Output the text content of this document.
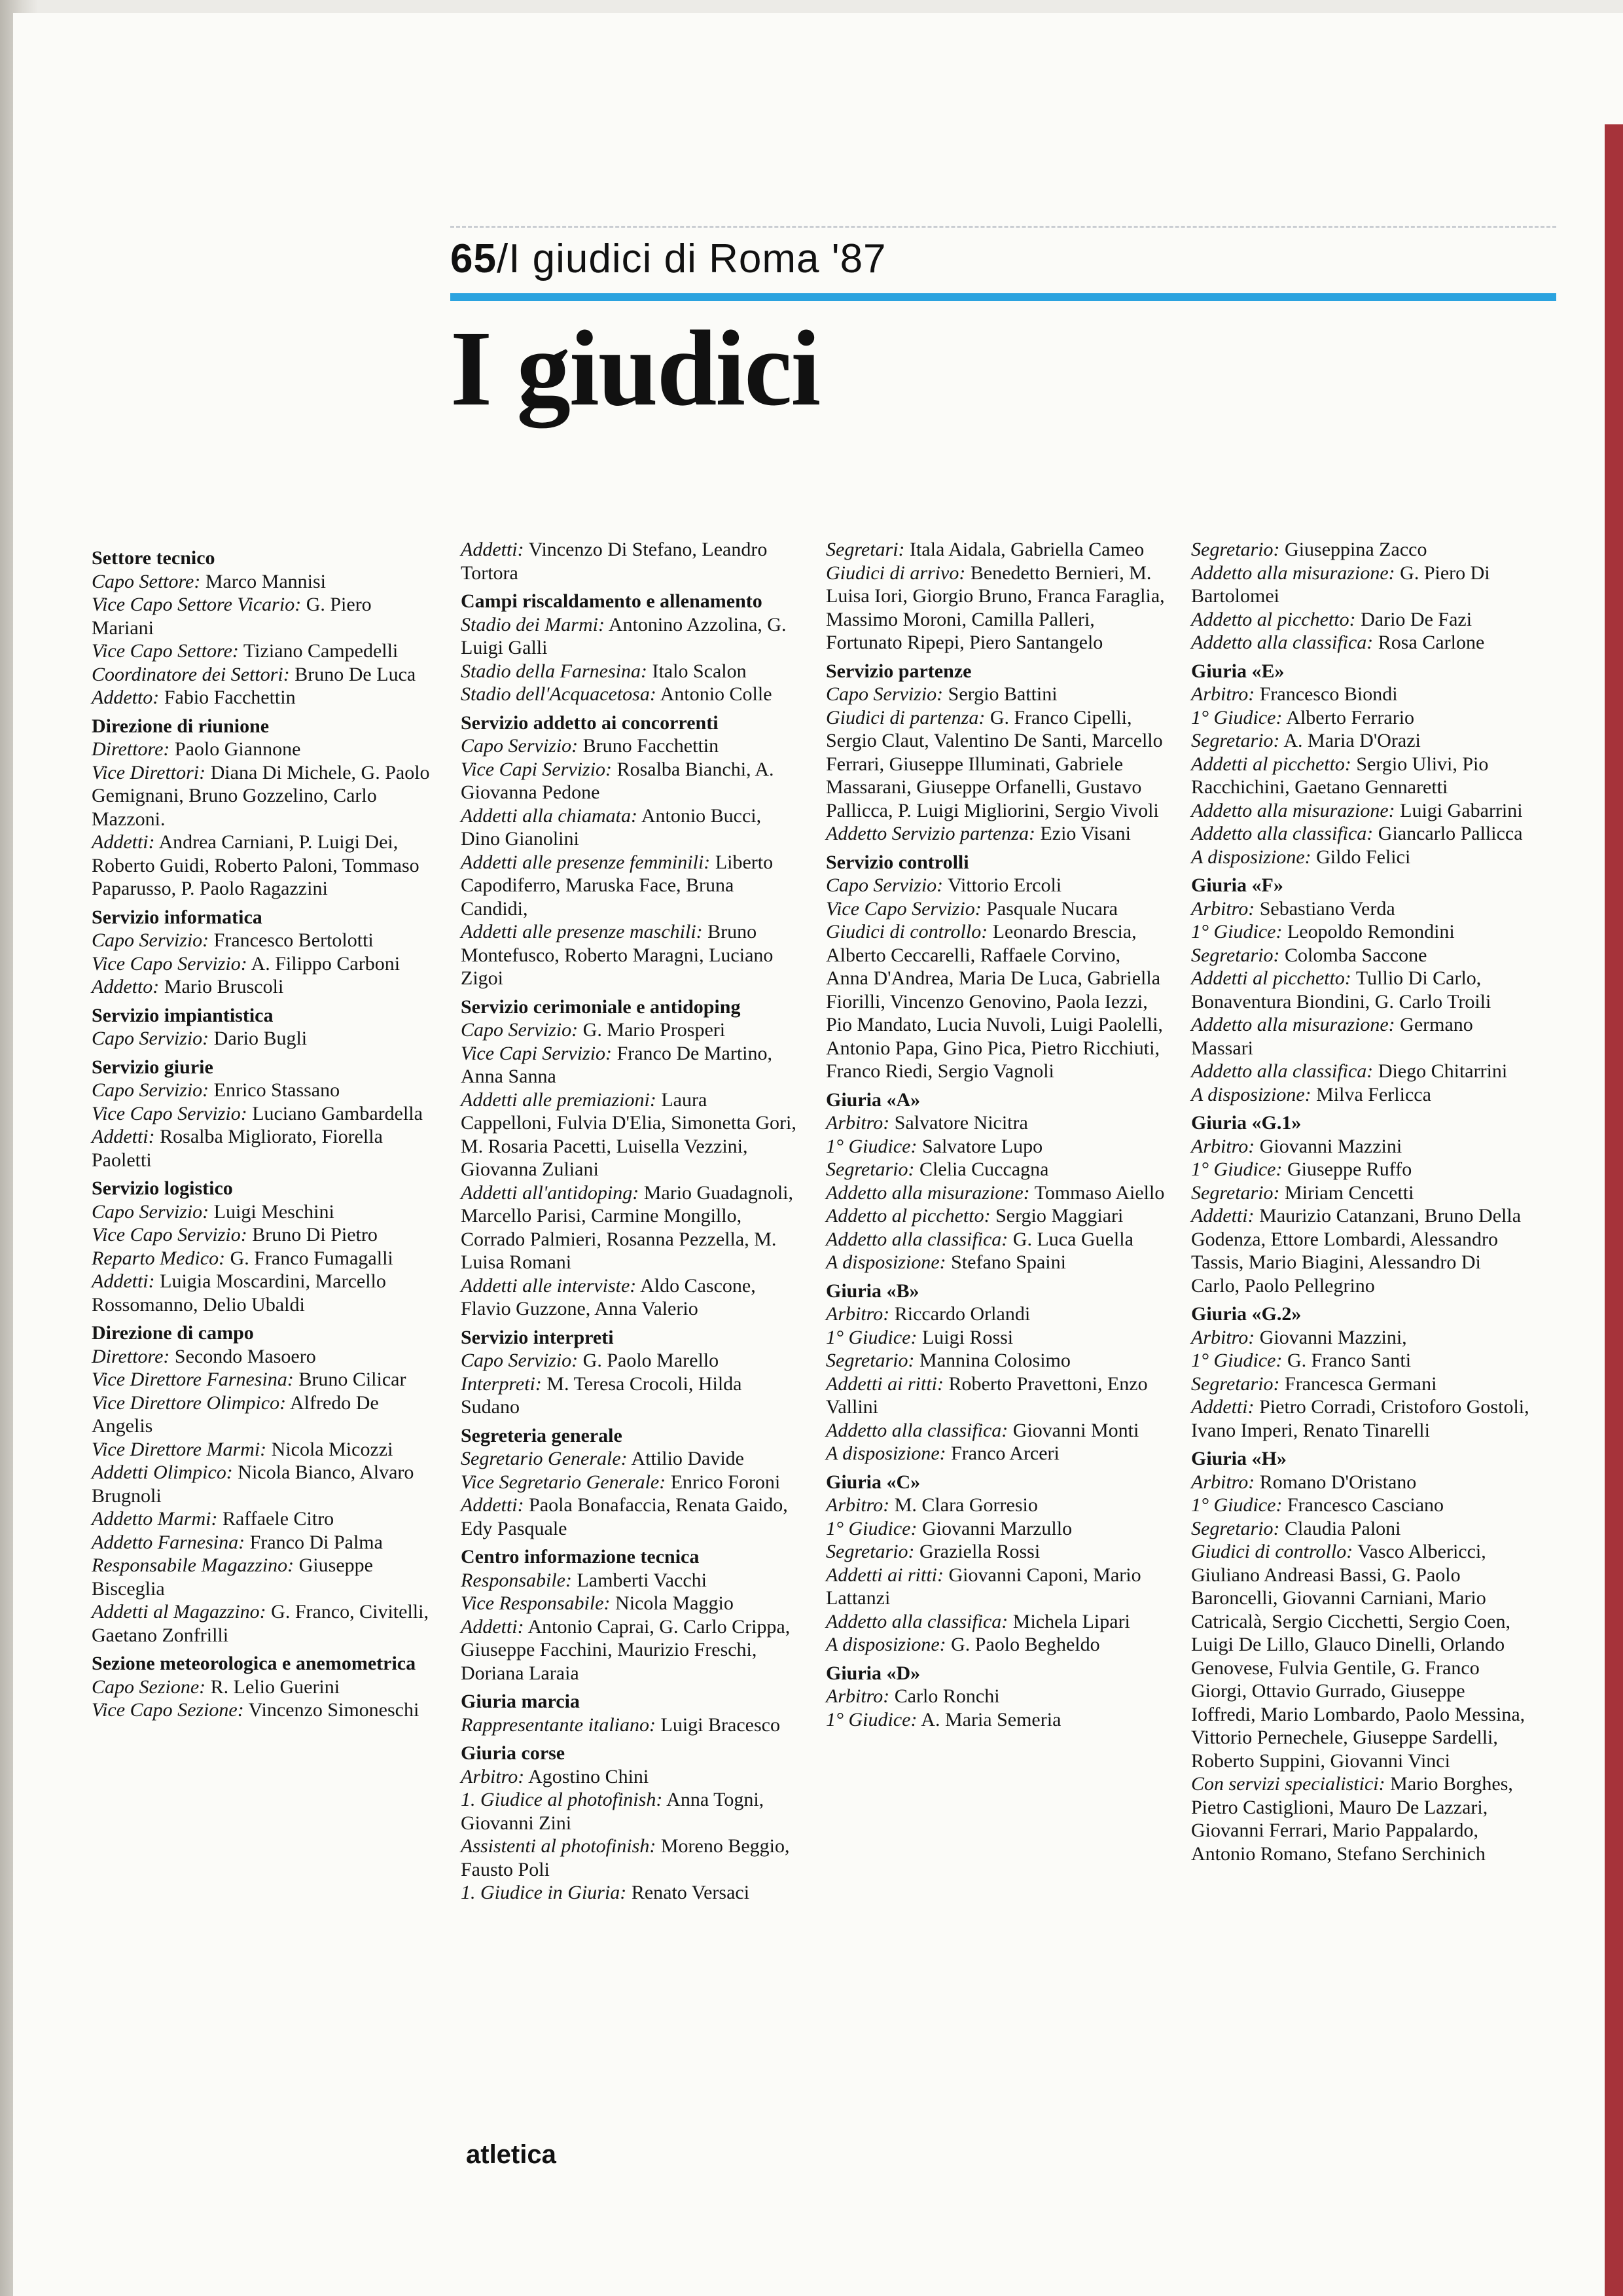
65/I giudici di Roma '87
I giudici
Settore tecnico
Capo Settore: Marco Mannisi
Vice Capo Settore Vicario: G. Piero Mariani
Vice Capo Settore: Tiziano Campedelli
Coordinatore dei Settori: Bruno De Luca
Addetto: Fabio Facchettin
Direzione di riunione
Direttore: Paolo Giannone
Vice Direttori: Diana Di Michele, G. Paolo Gemignani, Bruno Gozzelino, Carlo Mazzoni.
Addetti: Andrea Carniani, P. Luigi Dei, Roberto Guidi, Roberto Paloni, Tommaso Paparusso, P. Paolo Ragazzini
Servizio informatica
Capo Servizio: Francesco Bertolotti
Vice Capo Servizio: A. Filippo Carboni
Addetto: Mario Bruscoli
Servizio impiantistica
Capo Servizio: Dario Bugli
Servizio giurie
Capo Servizio: Enrico Stassano
Vice Capo Servizio: Luciano Gambardella
Addetti: Rosalba Migliorato, Fiorella Paoletti
Servizio logistico
Capo Servizio: Luigi Meschini
Vice Capo Servizio: Bruno Di Pietro
Reparto Medico: G. Franco Fumagalli
Addetti: Luigia Moscardini, Marcello Rossomanno, Delio Ubaldi
Direzione di campo
Direttore: Secondo Masoero
Vice Direttore Farnesina: Bruno Cilicar
Vice Direttore Olimpico: Alfredo De Angelis
Vice Direttore Marmi: Nicola Micozzi
Addetti Olimpico: Nicola Bianco, Alvaro Brugnoli
Addetto Marmi: Raffaele Citro
Addetto Farnesina: Franco Di Palma
Responsabile Magazzino: Giuseppe Bisceglia
Addetti al Magazzino: G. Franco, Civitelli, Gaetano Zonfrilli
Sezione meteorologica e anemometrica
Capo Sezione: R. Lelio Guerini
Vice Capo Sezione: Vincenzo Simoneschi
Addetti: Vincenzo Di Stefano, Leandro Tortora
Campi riscaldamento e allenamento
Stadio dei Marmi: Antonino Azzolina, G. Luigi Galli
Stadio della Farnesina: Italo Scalon
Stadio dell'Acquacetosa: Antonio Colle
Servizio addetto ai concorrenti
Capo Servizio: Bruno Facchettin
Vice Capi Servizio: Rosalba Bianchi, A. Giovanna Pedone
Addetti alla chiamata: Antonio Bucci, Dino Gianolini
Addetti alle presenze femminili: Liberto Capodiferro, Maruska Face, Bruna Candidi,
Addetti alle presenze maschili: Bruno Montefusco, Roberto Maragni, Luciano Zigoi
Servizio cerimoniale e antidoping
Capo Servizio: G. Mario Prosperi
Vice Capi Servizio: Franco De Martino, Anna Sanna
Addetti alle premiazioni: Laura Cappelloni, Fulvia D'Elia, Simonetta Gori, M. Rosaria Pacetti, Luisella Vezzini, Giovanna Zuliani
Addetti all'antidoping: Mario Guadagnoli, Marcello Parisi, Carmine Mongillo, Corrado Palmieri, Rosanna Pezzella, M. Luisa Romani
Addetti alle interviste: Aldo Cascone, Flavio Guzzone, Anna Valerio
Servizio interpreti
Capo Servizio: G. Paolo Marello
Interpreti: M. Teresa Crocoli, Hilda Sudano
Segreteria generale
Segretario Generale: Attilio Davide
Vice Segretario Generale: Enrico Foroni
Addetti: Paola Bonafaccia, Renata Gaido, Edy Pasquale
Centro informazione tecnica
Responsabile: Lamberti Vacchi
Vice Responsabile: Nicola Maggio
Addetti: Antonio Caprai, G. Carlo Crippa, Giuseppe Facchini, Maurizio Freschi, Doriana Laraia
Giuria marcia
Rappresentante italiano: Luigi Bracesco
Giuria corse
Arbitro: Agostino Chini
1. Giudice al photofinish: Anna Togni, Giovanni Zini
Assistenti al photofinish: Moreno Beggio, Fausto Poli
1. Giudice in Giuria: Renato Versaci
Segretari: Itala Aidala, Gabriella Cameo
Giudici di arrivo: Benedetto Bernieri, M. Luisa Iori, Giorgio Bruno, Franca Faraglia, Massimo Moroni, Camilla Palleri, Fortunato Ripepi, Piero Santangelo
Servizio partenze
Capo Servizio: Sergio Battini
Giudici di partenza: G. Franco Cipelli, Sergio Claut, Valentino De Santi, Marcello Ferrari, Giuseppe Illuminati, Gabriele Massarani, Giuseppe Orfanelli, Gustavo Pallicca, P. Luigi Migliorini, Sergio Vivoli
Addetto Servizio partenza: Ezio Visani
Servizio controlli
Capo Servizio: Vittorio Ercoli
Vice Capo Servizio: Pasquale Nucara
Giudici di controllo: Leonardo Brescia, Alberto Ceccarelli, Raffaele Corvino, Anna D'Andrea, Maria De Luca, Gabriella Fiorilli, Vincenzo Genovino, Paola Iezzi, Pio Mandato, Lucia Nuvoli, Luigi Paolelli, Antonio Papa, Gino Pica, Pietro Ricchiuti, Franco Riedi, Sergio Vagnoli
Giuria «A»
Arbitro: Salvatore Nicitra
1° Giudice: Salvatore Lupo
Segretario: Clelia Cuccagna
Addetto alla misurazione: Tommaso Aiello
Addetto al picchetto: Sergio Maggiari
Addetto alla classifica: G. Luca Guella
A disposizione: Stefano Spaini
Giuria «B»
Arbitro: Riccardo Orlandi
1° Giudice: Luigi Rossi
Segretario: Mannina Colosimo
Addetti ai ritti: Roberto Pravettoni, Enzo Vallini
Addetto alla classifica: Giovanni Monti
A disposizione: Franco Arceri
Giuria «C»
Arbitro: M. Clara Gorresio
1° Giudice: Giovanni Marzullo
Segretario: Graziella Rossi
Addetti ai ritti: Giovanni Caponi, Mario Lattanzi
Addetto alla classifica: Michela Lipari
A disposizione: G. Paolo Begheldo
Giuria «D»
Arbitro: Carlo Ronchi
1° Giudice: A. Maria Semeria
Segretario: Giuseppina Zacco
Addetto alla misurazione: G. Piero Di Bartolomei
Addetto al picchetto: Dario De Fazi
Addetto alla classifica: Rosa Carlone
Giuria «E»
Arbitro: Francesco Biondi
1° Giudice: Alberto Ferrario
Segretario: A. Maria D'Orazi
Addetti al picchetto: Sergio Ulivi, Pio Racchichini, Gaetano Gennaretti
Addetto alla misurazione: Luigi Gabarrini
Addetto alla classifica: Giancarlo Pallicca
A disposizione: Gildo Felici
Giuria «F»
Arbitro: Sebastiano Verda
1° Giudice: Leopoldo Remondini
Segretario: Colomba Saccone
Addetti al picchetto: Tullio Di Carlo, Bonaventura Biondini, G. Carlo Troili
Addetto alla misurazione: Germano Massari
Addetto alla classifica: Diego Chitarrini
A disposizione: Milva Ferlicca
Giuria «G.1»
Arbitro: Giovanni Mazzini
1° Giudice: Giuseppe Ruffo
Segretario: Miriam Cencetti
Addetti: Maurizio Catanzani, Bruno Della Godenza, Ettore Lombardi, Alessandro Tassis, Mario Biagini, Alessandro Di Carlo, Paolo Pellegrino
Giuria «G.2»
Arbitro: Giovanni Mazzini,
1° Giudice: G. Franco Santi
Segretario: Francesca Germani
Addetti: Pietro Corradi, Cristoforo Gostoli, Ivano Imperi, Renato Tinarelli
Giuria «H»
Arbitro: Romano D'Oristano
1° Giudice: Francesco Casciano
Segretario: Claudia Paloni
Giudici di controllo: Vasco Albericci, Giuliano Andreasi Bassi, G. Paolo Baroncelli, Giovanni Carniani, Mario Catricalà, Sergio Cicchetti, Sergio Coen, Luigi De Lillo, Glauco Dinelli, Orlando Genovese, Fulvia Gentile, G. Franco Giorgi, Ottavio Gurrado, Giuseppe Ioffredi, Mario Lombardo, Paolo Messina, Vittorio Pernechele, Giuseppe Sardelli, Roberto Suppini, Giovanni Vinci
Con servizi specialistici: Mario Borghes, Pietro Castiglioni, Mauro De Lazzari, Giovanni Ferrari, Mario Pappalardo, Antonio Romano, Stefano Serchinich
atletica
